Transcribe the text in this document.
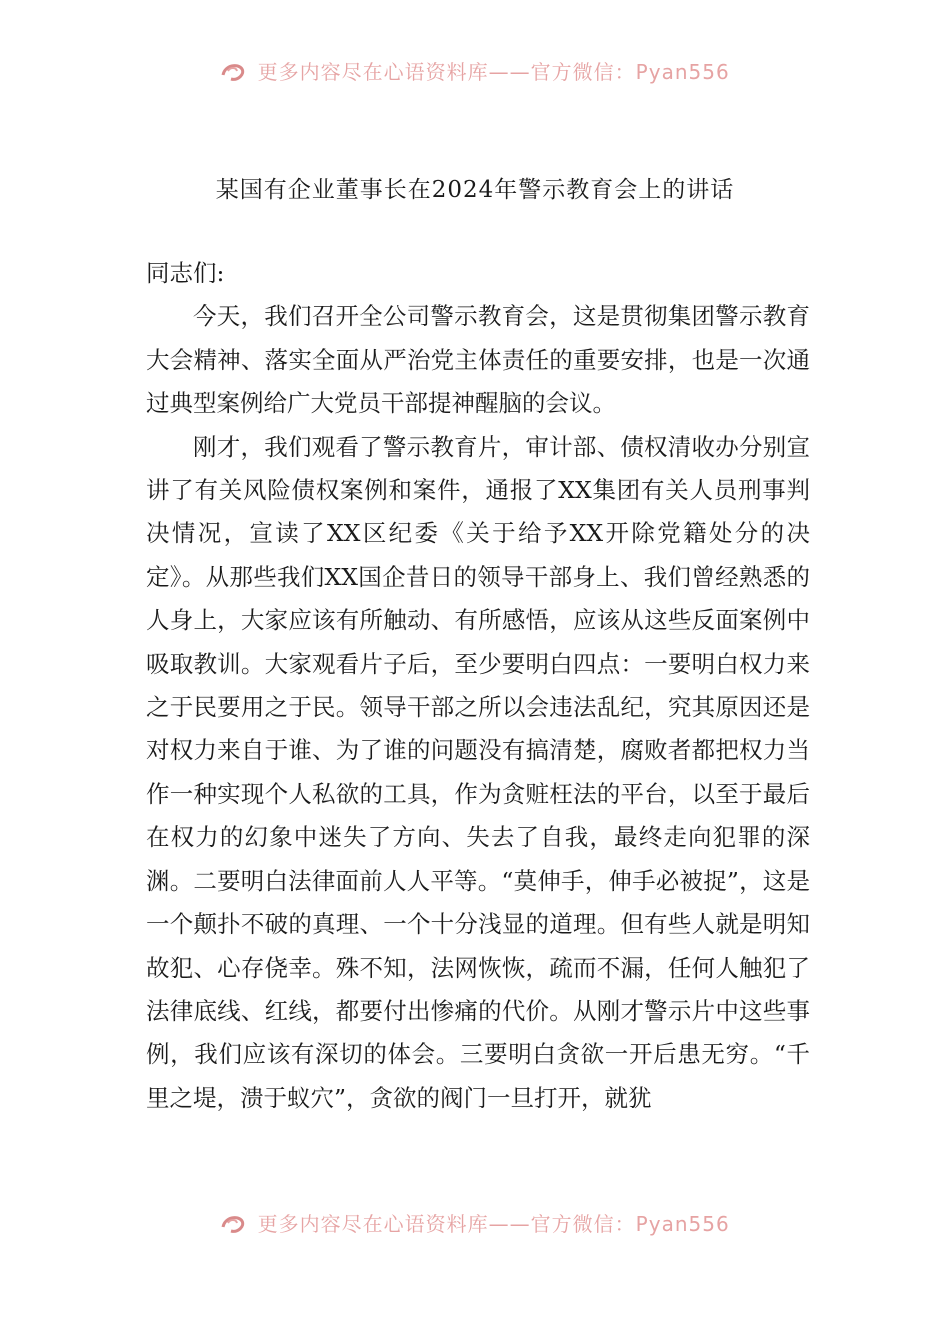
更多内容尽在心语资料库——官方微信：Pyan556
某国有企业董事长在2024年警示教育会上的讲话

同志们:

今天，我们召开全公司警示教育会，这是贯彻集团警示教育大会精神、落实全面从严治党主体责任的重要安排，也是一次通过典型案例给广大党员干部提神醒脑的会议。

刚才，我们观看了警示教育片，审计部、债权清收办分别宣讲了有关风险债权案例和案件，通报了XX集团有关人员刑事判决情况，宣读了XX区纪委《关于给予XX开除党籍处分的决定》。从那些我们XX国企昔日的领导干部身上、我们曾经熟悉的人身上，大家应该有所触动、有所感悟，应该从这些反面案例中吸取教训。大家观看片子后，至少要明白四点：一要明白权力来之于民要用之于民。领导干部之所以会违法乱纪，究其原因还是对权力来自于谁、为了谁的问题没有搞清楚，腐败者都把权力当作一种实现个人私欲的工具，作为贪赃枉法的平台，以至于最后在权力的幻象中迷失了方向、失去了自我，最终走向犯罪的深渊。二要明白法律面前人人平等。“莫伸手，伸手必被捉”，这是一个颠扑不破的真理、一个十分浅显的道理。但有些人就是明知故犯、心存侥幸。殊不知，法网恢恢，疏而不漏，任何人触犯了法律底线、红线，都要付出惨痛的代价。从刚才警示片中这些事例，我们应该有深切的体会。三要明白贪欲一开后患无穷。“千里之堤，溃于蚁穴”，贪欲的阀门一旦打开，就犹

更多内容尽在心语资料库——官方微信：Pyan556
